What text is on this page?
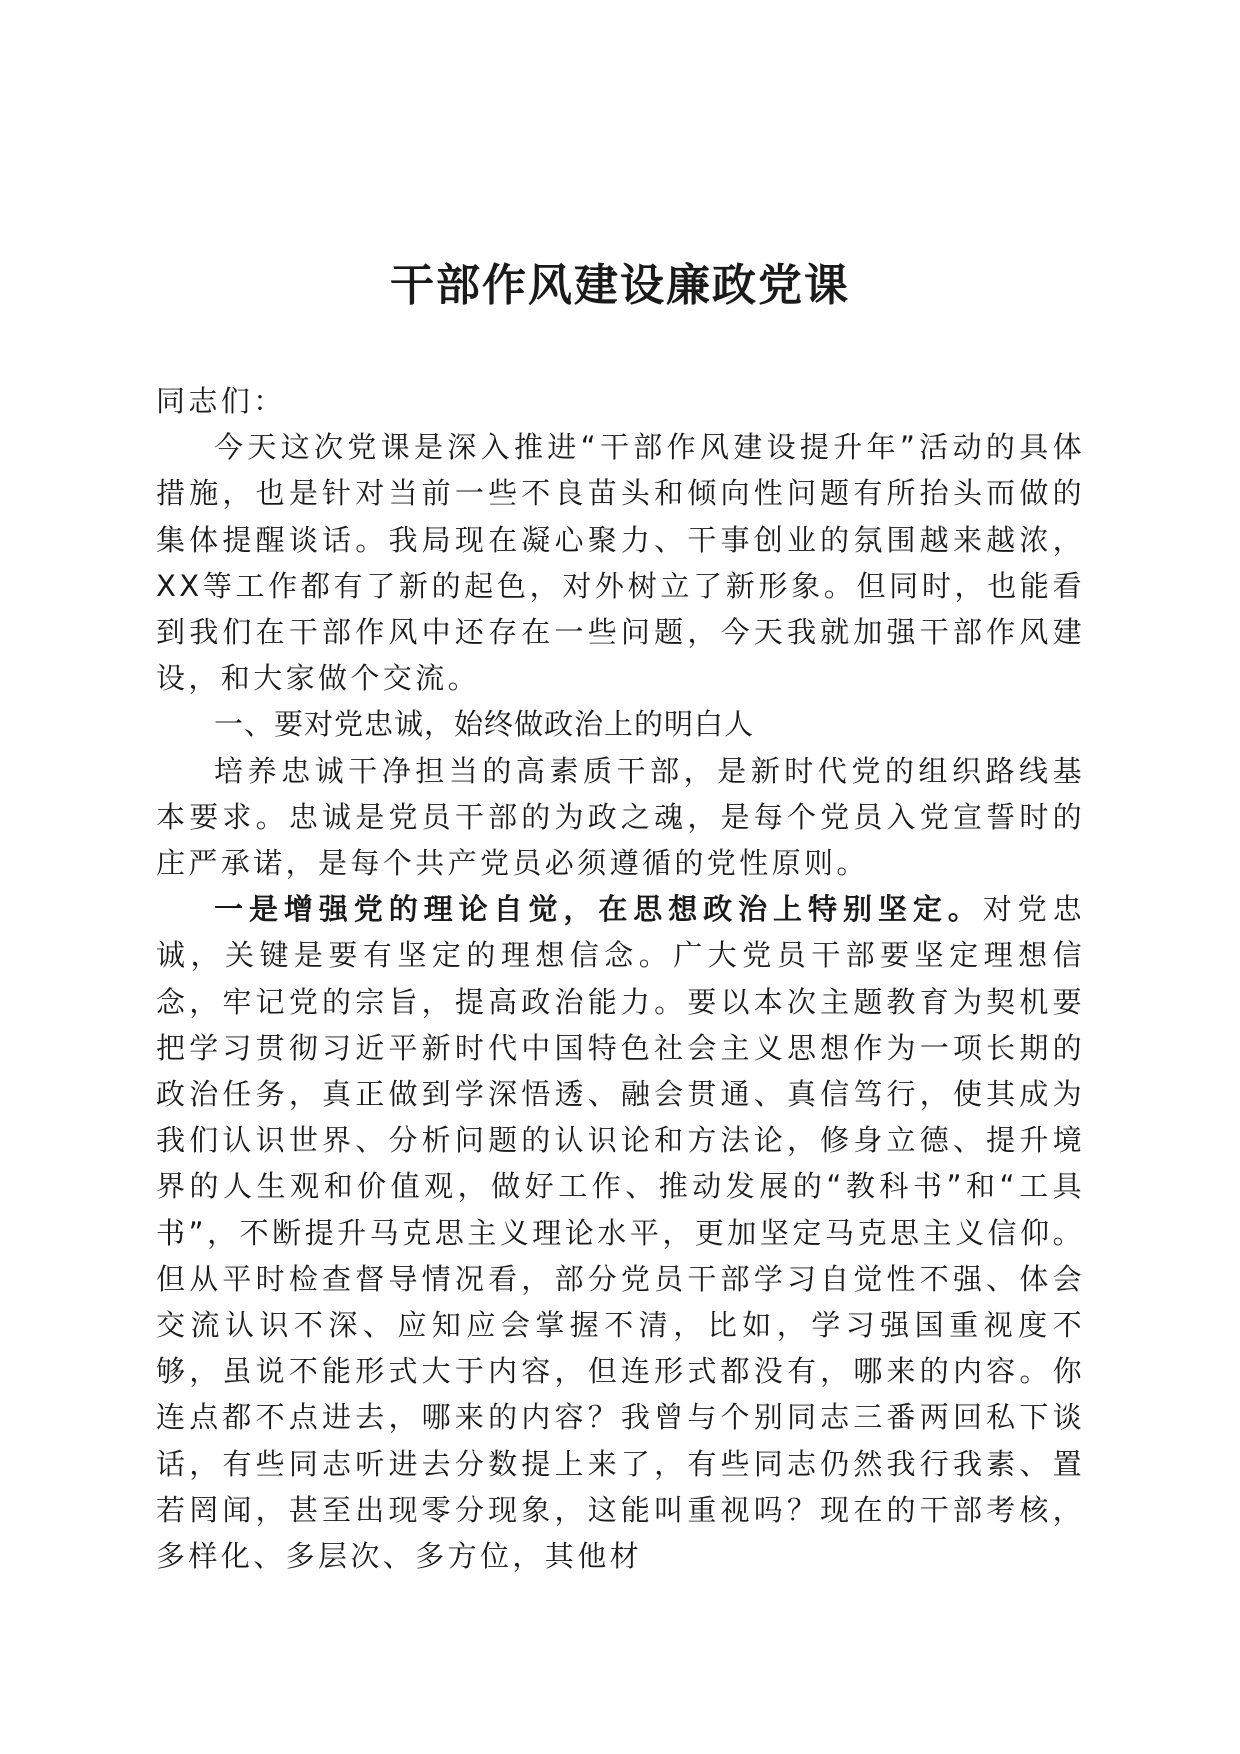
干部作风建设廉政党课

同志们：

今天这次党课是深入推进“干部作风建设提升年”活动的具体措施，也是针对当前一些不良苗头和倾向性问题有所抬头而做的集体提醒谈话。我局现在凝心聚力、干事创业的氛围越来越浓，XX等工作都有了新的起色，对外树立了新形象。但同时，也能看到我们在干部作风中还存在一些问题，今天我就加强干部作风建设，和大家做个交流。

一、要对党忠诚，始终做政治上的明白人

培养忠诚干净担当的高素质干部，是新时代党的组织路线基本要求。忠诚是党员干部的为政之魂，是每个党员入党宣誓时的庄严承诺，是每个共产党员必须遵循的党性原则。

一是增强党的理论自觉，在思想政治上特别坚定。对党忠诚，关键是要有坚定的理想信念。广大党员干部要坚定理想信念，牢记党的宗旨，提高政治能力。要以本次主题教育为契机要把学习贯彻习近平新时代中国特色社会主义思想作为一项长期的政治任务，真正做到学深悟透、融会贯通、真信笃行，使其成为我们认识世界、分析问题的认识论和方法论，修身立德、提升境界的人生观和价值观，做好工作、推动发展的“教科书”和“工具书”，不断提升马克思主义理论水平，更加坚定马克思主义信仰。但从平时检查督导情况看，部分党员干部学习自觉性不强、体会交流认识不深、应知应会掌握不清，比如，学习强国重视度不够，虽说不能形式大于内容，但连形式都没有，哪来的内容。你连点都不点进去，哪来的内容？我曾与个别同志三番两回私下谈话，有些同志听进去分数提上来了，有些同志仍然我行我素、置若罔闻，甚至出现零分现象，这能叫重视吗？现在的干部考核，多样化、多层次、多方位，其他材
